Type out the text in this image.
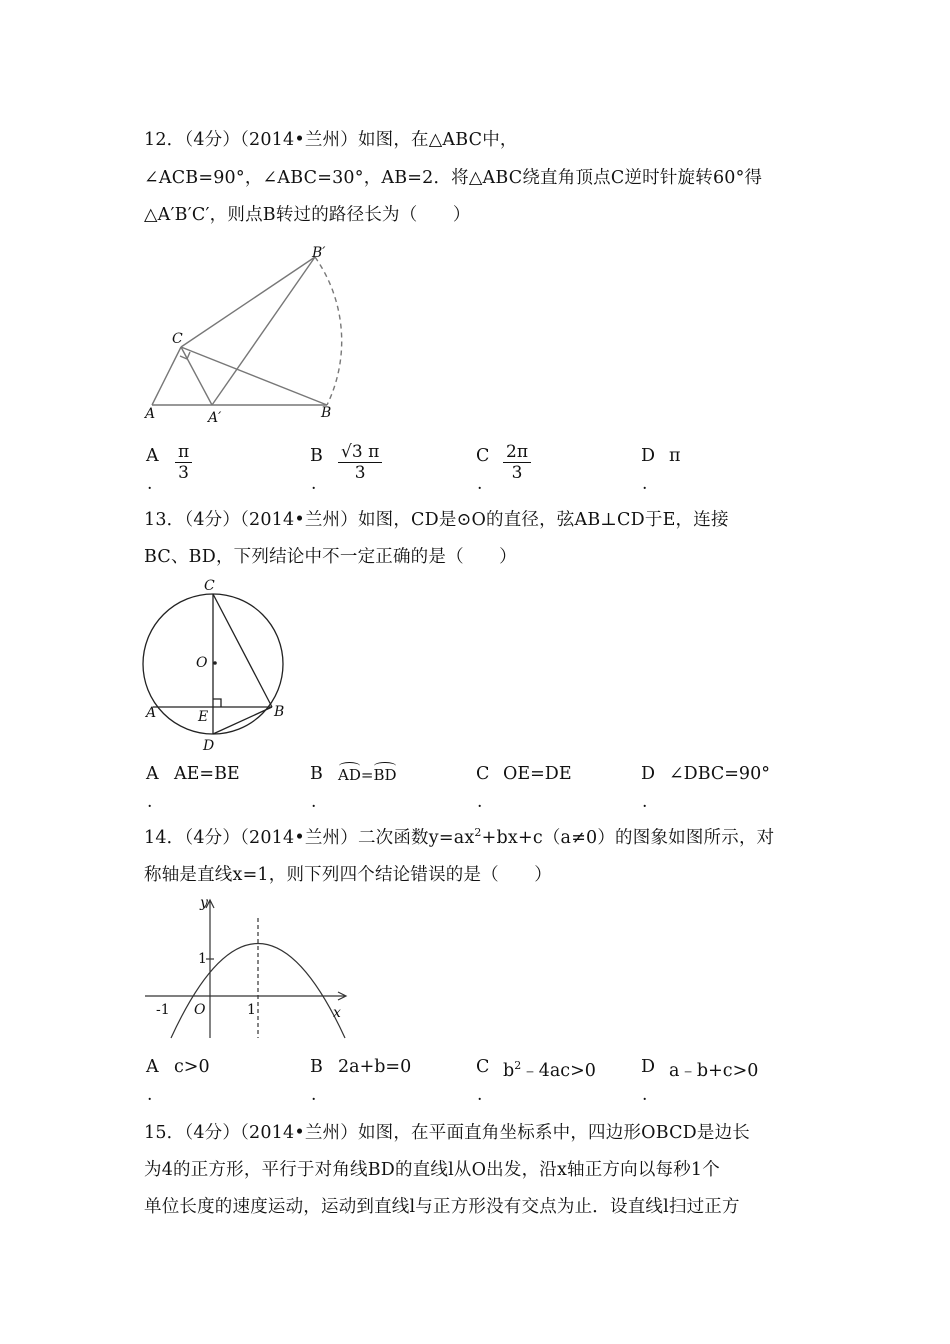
12．（4分）（2014•兰州）如图，在△ABC中，
∠ACB=90°，∠ABC=30°，AB=2．将△ABC绕直角顶点C逆时针旋转60°得
△A′B′C′，则点B转过的路径长为（　　）
C
A	A′	B
B′
A $\frac{\pi}{3}$	B $\frac{√3 \pi}{3}$	C $\frac{2\pi}{3}$	D π
.	.	.	.
13．（4分）（2014•兰州）如图，CD是⊙O的直径，弦AB⊥CD于E，连接
BC、BD，下列结论中不一定正确的是（　　）
C
O
A	E	B
D
A AE=BE	B AD=BD	C OE=DE	D ∠DBC=90°
.	.	.	.
14．（4分）（2014•兰州）二次函数$y=ax^2+bx+c(a\ne 0)$的图象如图所示，对
称轴是直线x=1，则下列四个结论错误的是（　　）
y
x
1
-1 O	1
A c>0	B 2a+b=0	C $b^2﹣4ac>0$	D a﹣b+c>0
.	.	.	.
15．（4分）（2014•兰州）如图，在平面直角坐标系中，四边形OBCD是边长
为4的正方形，平行于对角线BD的直线l从O出发，沿x轴正方向以每秒1个
单位长度的速度运动，运动到直线l与正方形没有交点为止．设直线l扫过正方
